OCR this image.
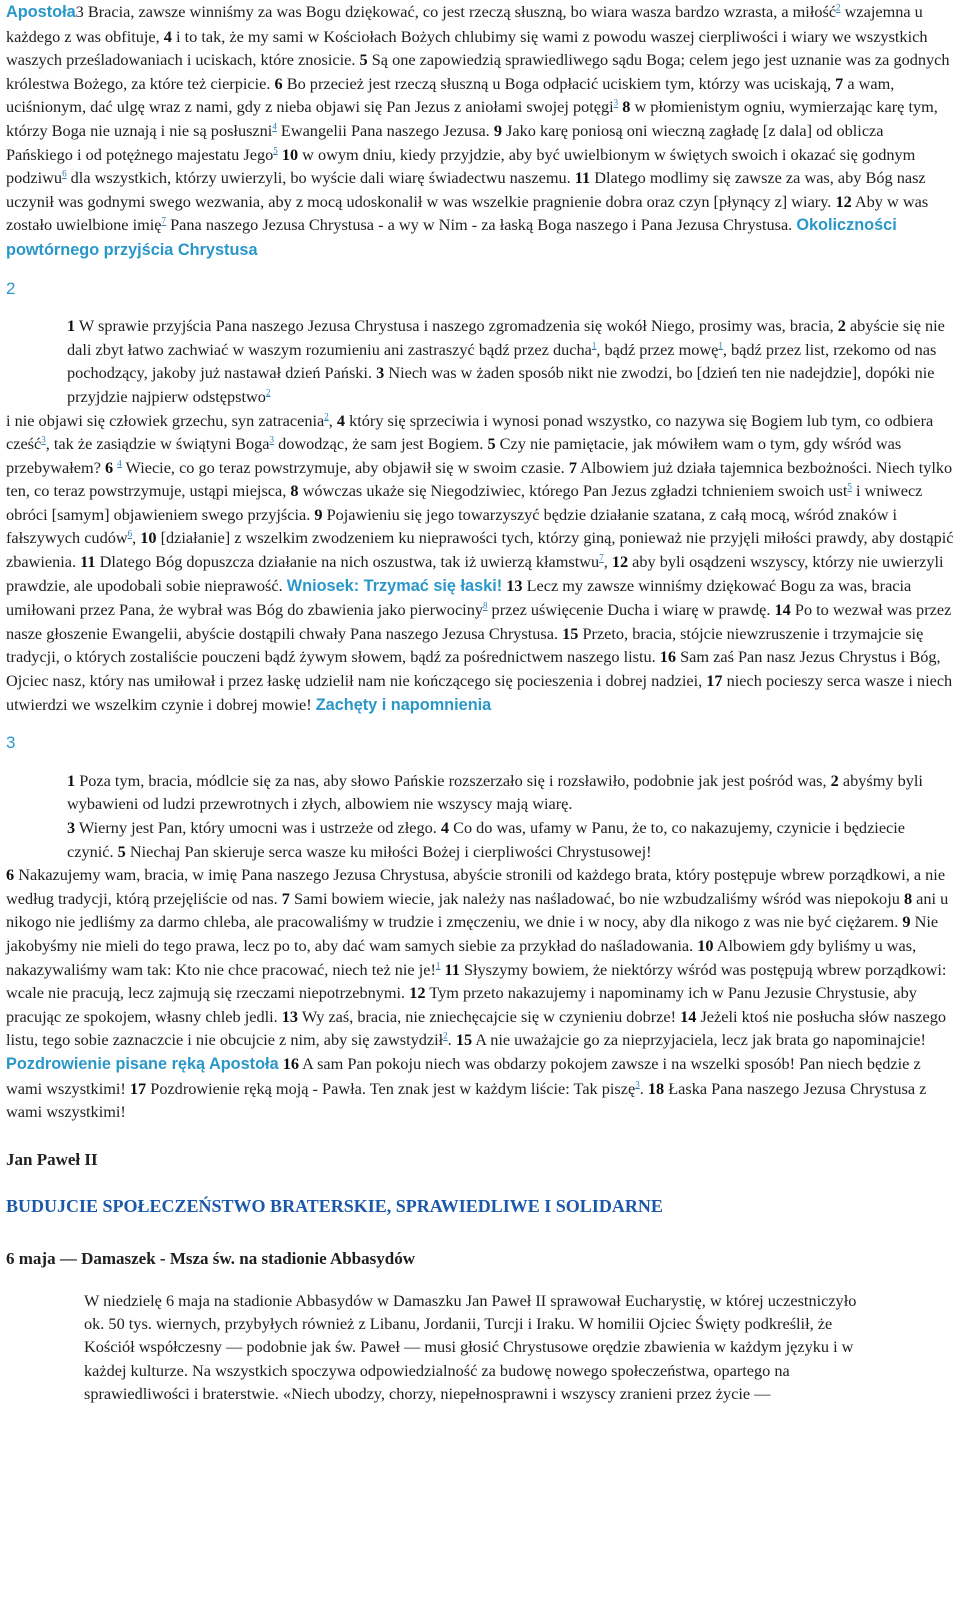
Apostoła3 Bracia, zawsze winniśmy za was Bogu dziękować, co jest rzeczą słuszną, bo wiara wasza bardzo wzrasta, a miłość$^2$ wzajemna u każdego z was obfituje, 4 i to tak, że my sami w Kościołach Bożych chlubimy się wami z powodu waszej cierpliwości i wiary we wszystkich waszych prześladowaniach i uciskach, które znosicie. 5 Są one zapowiedzią sprawiedliwego sądu Boga; celem jego jest uznanie was za godnych królestwa Bożego, za które też cierpicie. 6 Bo przecież jest rzeczą słuszną u Boga odpłacić uciskiem tym, którzy was uciskają, 7 a wam, uciśnionym, dać ulgę wraz z nami, gdy z nieba objawi się Pan Jezus z aniołami swojej potęgi$^3$ 8 w płomienistym ogniu, wymierzając karę tym, którzy Boga nie uznają i nie są posłuszni$^4$ Ewangelii Pana naszego Jezusa. 9 Jako karę poniosą oni wieczną zagładę [z dala] od oblicza Pańskiego i od potężnego majestatu Jego$^5$ 10 w owym dniu, kiedy przyjdzie, aby być uwielbionym w świętych swoich i okazać się godnym podziwu$^6$ dla wszystkich, którzy uwierzyli, bo wyście dali wiarę świadectwu naszemu. 11 Dlatego modlimy się zawsze za was, aby Bóg nasz uczynił was godnymi swego wezwania, aby z mocą udoskonalił w was wszelkie pragnienie dobra oraz czyn [płynący z] wiary. 12 Aby w was zostało uwielbione imię$^7$ Pana naszego Jezusa Chrystusa - a wy w Nim - za łaską Boga naszego i Pana Jezusa Chrystusa. Okoliczności powtórnego przyjścia Chrystusa

2

1 W sprawie przyjścia Pana naszego Jezusa Chrystusa i naszego zgromadzenia się wokół Niego, prosimy was, bracia, 2 abyście się nie dali zbyt łatwo zachwiać w waszym rozumieniu ani zastraszyć bądź przez ducha$^1$, bądź przez mowę$^1$, bądź przez list, rzekomo od nas pochodzący, jakoby już nastawał dzień Pański. 3 Niech was w żaden sposób nikt nie zwodzi, bo [dzień ten nie nadejdzie], dopóki nie przyjdzie najpierw odstępstwo$^2$

i nie objawi się człowiek grzechu, syn zatracenia$^2$, 4 który się sprzeciwia i wynosi ponad wszystko, co nazywa się Bogiem lub tym, co odbiera cześć$^3$, tak że zasiądzie w świątyni Boga$^3$ dowodząc, że sam jest Bogiem. 5 Czy nie pamiętacie, jak mówiłem wam o tym, gdy wśród was przebywałem? 6 $^4$ Wiecie, co go teraz powstrzymuje, aby objawił się w swoim czasie. 7 Albowiem już działa tajemnica bezbożności. Niech tylko ten, co teraz powstrzymuje, ustąpi miejsca, 8 wówczas ukaże się Niegodziwiec, którego Pan Jezus zgładzi tchnieniem swoich ust$^5$ i wniwecz obróci [samym] objawieniem swego przyjścia. 9 Pojawieniu się jego towarzyszyć będzie działanie szatana, z całą mocą, wśród znaków i fałszywych cudów$^6$, 10 [działanie] z wszelkim zwodzeniem ku nieprawości tych, którzy giną, ponieważ nie przyjęli miłości prawdy, aby dostąpić zbawienia. 11 Dlatego Bóg dopuszcza działanie na nich oszustwa, tak iż uwierzą kłamstwu$^7$, 12 aby byli osądzeni wszyscy, którzy nie uwierzyli prawdzie, ale upodobali sobie nieprawość. Wniosek: Trzymać się łaski! 13 Lecz my zawsze winniśmy dziękować Bogu za was, bracia umiłowani przez Pana, że wybrał was Bóg do zbawienia jako pierwociny$^8$ przez uświęcenie Ducha i wiarę w prawdę. 14 Po to wezwał was przez nasze głoszenie Ewangelii, abyście dostąpili chwały Pana naszego Jezusa Chrystusa. 15 Przeto, bracia, stójcie niewzruszenie i trzymajcie się tradycji, o których zostaliście pouczeni bądź żywym słowem, bądź za pośrednictwem naszego listu. 16 Sam zaś Pan nasz Jezus Chrystus i Bóg, Ojciec nasz, który nas umiłował i przez łaskę udzielił nam nie kończącego się pocieszenia i dobrej nadziei, 17 niech pocieszy serca wasze i niech utwierdzi we wszelkim czynie i dobrej mowie! Zachęty i napomnienia

3

1 Poza tym, bracia, módlcie się za nas, aby słowo Pańskie rozszerzało się i rozsławiło, podobnie jak jest pośród was, 2 abyśmy byli wybawieni od ludzi przewrotnych i złych, albowiem nie wszyscy mają wiarę.

3 Wierny jest Pan, który umocni was i ustrzeże od złego. 4 Co do was, ufamy w Panu, że to, co nakazujemy, czynicie i będziecie czynić. 5 Niechaj Pan skieruje serca wasze ku miłości Bożej i cierpliwości Chrystusowej!

6 Nakazujemy wam, bracia, w imię Pana naszego Jezusa Chrystusa, abyście stronili od każdego brata, który postępuje wbrew porządkowi, a nie według tradycji, którą przejęliście od nas. 7 Sami bowiem wiecie, jak należy nas naśladować, bo nie wzbudzaliśmy wśród was niepokoju 8 ani u nikogo nie jedliśmy za darmo chleba, ale pracowaliśmy w trudzie i zmęczeniu, we dnie i w nocy, aby dla nikogo z was nie być ciężarem. 9 Nie jakobyśmy nie mieli do tego prawa, lecz po to, aby dać wam samych siebie za przykład do naśladowania. 10 Albowiem gdy byliśmy u was, nakazywaliśmy wam tak: Kto nie chce pracować, niech też nie je!$^1$ 11 Słyszymy bowiem, że niektórzy wśród was postępują wbrew porządkowi: wcale nie pracują, lecz zajmują się rzeczami niepotrzebnymi. 12 Tym przeto nakazujemy i napominamy ich w Panu Jezusie Chrystusie, aby pracując ze spokojem, własny chleb jedli. 13 Wy zaś, bracia, nie zniechęcajcie się w czynieniu dobrze! 14 Jeżeli ktoś nie posłucha słów naszego listu, tego sobie zaznaczcie i nie obcujcie z nim, aby się zawstydził$^2$. 15 A nie uważajcie go za nieprzyjaciela, lecz jak brata go napominajcie! Pozdrowienie pisane ręką Apostoła 16 A sam Pan pokoju niech was obdarzy pokojem zawsze i na wszelki sposób! Pan niech będzie z wami wszystkimi! 17 Pozdrowienie ręką moją - Pawła. Ten znak jest w każdym liście: Tak piszę$^3$. 18 Łaska Pana naszego Jezusa Chrystusa z wami wszystkimi!

Jan Paweł II
BUDUJCIE SPOŁECZEŃSTWO BRATERSKIE, SPRAWIEDLIWE I SOLIDARNE
6 maja — Damaszek - Msza św. na stadionie Abbasydów

W niedzielę 6 maja na stadionie Abbasydów w Damaszku Jan Paweł II sprawował Eucharystię, w której uczestniczyło ok. 50 tys. wiernych, przybyłych również z Libanu, Jordanii, Turcji i Iraku. W homilii Ojciec Święty podkreślił, że Kościół współczesny — podobnie jak św. Paweł — musi głosić Chrystusowe orędzie zbawienia w każdym języku i w każdej kulturze. Na wszystkich spoczywa odpowiedzialność za budowę nowego społeczeństwa, opartego na sprawiedliwości i braterstwie. «Niech ubodzy, chorzy, niepełnosprawni i wszyscy zranieni przez życie —
